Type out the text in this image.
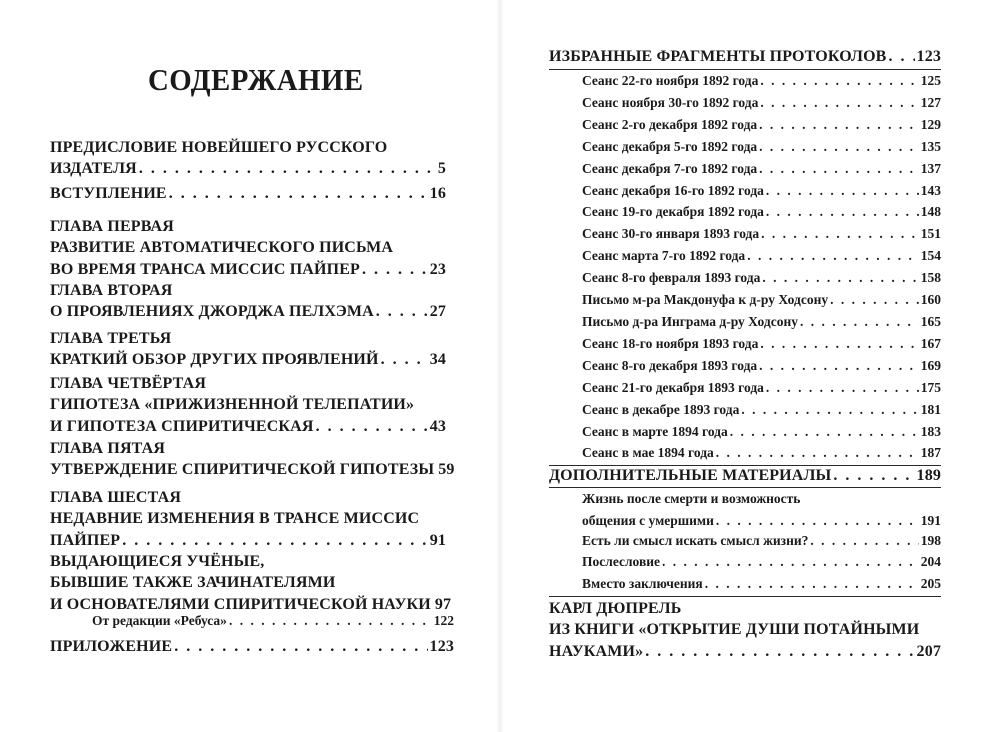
СОДЕРЖАНИЕ
ПРЕДИСЛОВИЕ НОВЕЙШЕГО РУССКОГО
ИЗДАТЕЛЯ . . .	5
ВСТУПЛЕНИЕ . . .	16
ГЛАВА ПЕРВАЯ
РАЗВИТИЕ АВТОМАТИЧЕСКОГО ПИСЬМА
ВО ВРЕМЯ ТРАНСА МИССИС ПАЙПЕР . . .	23
ГЛАВА ВТОРАЯ
О ПРОЯВЛЕНИЯХ ДЖОРДЖА ПЕЛХЭМА . . .	27
ГЛАВА ТРЕТЬЯ
КРАТКИЙ ОБЗОР ДРУГИХ ПРОЯВЛЕНИЙ . . .	34
ГЛАВА ЧЕТВЁРТАЯ
ГИПОТЕЗА «ПРИЖИЗНЕННОЙ ТЕЛЕПАТИИ»
И ГИПОТЕЗА СПИРИТИЧЕСКАЯ . . .	43
ГЛАВА ПЯТАЯ
УТВЕРЖДЕНИЕ СПИРИТИЧЕСКОЙ ГИПОТЕЗЫ 59
ГЛАВА ШЕСТАЯ
НЕДАВНИЕ ИЗМЕНЕНИЯ В ТРАНСЕ МИССИС
ПАЙПЕР . . .	91
ВЫДАЮЩИЕСЯ УЧЁНЫЕ,
БЫВШИЕ ТАКЖЕ ЗАЧИНАТЕЛЯМИ
И ОСНОВАТЕЛЯМИ СПИРИТИЧЕСКОЙ НАУКИ 97
От редакции «Ребуса» . . .	122
ПРИЛОЖЕНИЕ . . .	123
ИЗБРАННЫЕ ФРАГМЕНТЫ ПРОТОКОЛОВ . . . 123
Сеанс 22-го ноября 1892 года . . .	125
Сеанс ноября 30-го 1892 года . . .	127
Сеанс 2-го декабря 1892 года . . .	129
Сеанс декабря 5-го 1892 года . . .	135
Сеанс декабря 7-го 1892 года . . .	137
Сеанс декабря 16-го 1892 года . . .	143
Сеанс 19-го декабря 1892 года . . .	148
Сеанс 30-го января 1893 года . . .	151
Сеанс марта 7-го 1892 года . . .	154
Сеанс 8-го февраля 1893 года . . .	158
Письмо м-ра Макдонуфа к д-ру Ходсону . . .	160
Письмо д-ра Инграма д-ру Ходсону . . .	165
Сеанс 18-го ноября 1893 года . . .	167
Сеанс 8-го декабря 1893 года . . .	169
Сеанс 21-го декабря 1893 года . . .	175
Сеанс в декабре 1893 года . . .	181
Сеанс в марте 1894 года . . .	183
Сеанс в мае 1894 года . . .	187
ДОПОЛНИТЕЛЬНЫЕ МАТЕРИАЛЫ . . .	189
Жизнь после смерти и возможность
общения с умершими . . .	191
Есть ли смысл искать смысл жизни? . . .	198
Послесловие . . .	204
Вместо заключения . . .	205
КАРЛ ДЮПРЕЛЬ
ИЗ КНИГИ «ОТКРЫТИЕ ДУШИ ПОТАЙНЫМИ
НАУКАМИ» . . .	207
